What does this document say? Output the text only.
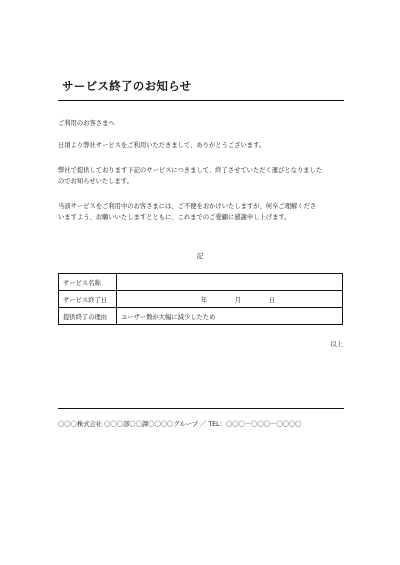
サービス終了のお知らせ
ご利用のお客さまへ
日頃より弊社サービスをご利用いただきまして、ありがとうございます。
弊社で提供しております下記のサービスにつきまして、終了させていただく運びとなりました
のでお知らせいたします。
当該サービスをご利用中のお客さまには、ご不便をおかけいたしますが、何卒ご理解くださ
いますよう、お願いいたしますとともに、これまでのご愛顧に感謝申し上げます。
記
サービス名称	
サービス終了日	年 月 日
提供終了の理由	ユーザー数が大幅に減少したため
以上
〇〇〇株式会社 〇〇〇部〇〇課〇〇〇〇グループ ／ TEL：〇〇〇－〇〇〇－〇〇〇〇
